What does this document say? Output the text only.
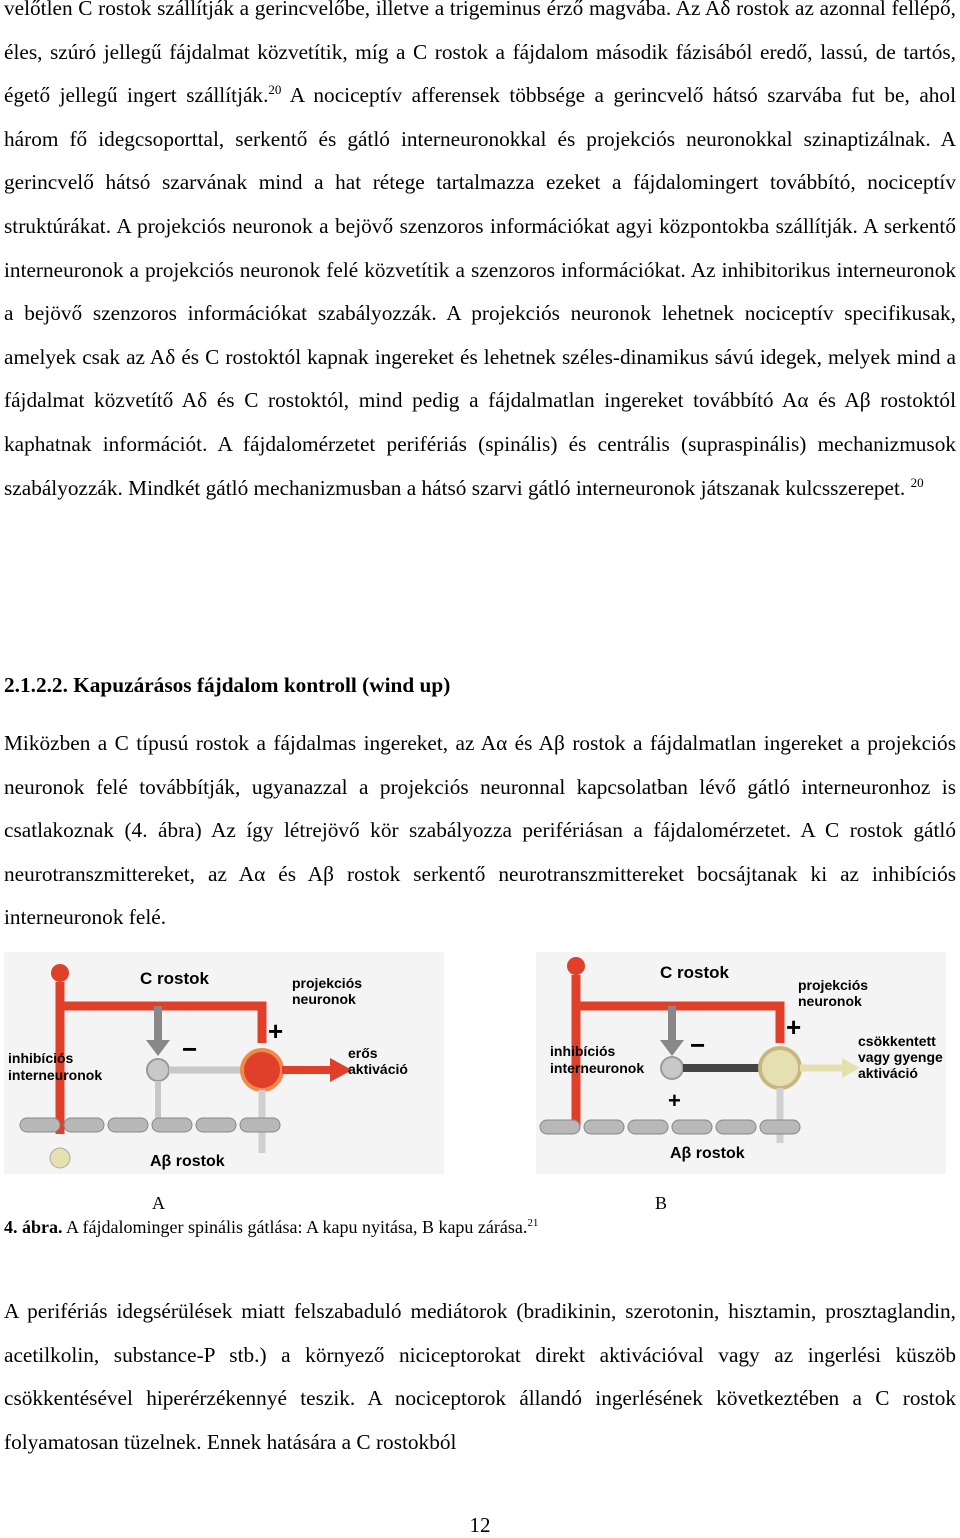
velőtlen C rostok szállítják a gerincvelőbe, illetve a trigeminus érző magvába. Az Aδ rostok az azonnal fellépő, éles, szúró jellegű fájdalmat közvetítik, míg a C rostok a fájdalom második fázisából eredő, lassú, de tartós, égető jellegű ingert szállítják.$^{20}$ A nociceptív afferensek többsége a gerincvelő hátsó szarvába fut be, ahol három fő idegcsoporttal, serkentő és gátló interneuronokkal és projekciós neuronokkal szinaptizálnak. A gerincvelő hátsó szarvának mind a hat rétege tartalmazza ezeket a fájdalomingert továbbító, nociceptív struktúrákat. A projekciós neuronok a bejövő szenzoros információkat agyi központokba szállítják. A serkentő interneuronok a projekciós neuronok felé közvetítik a szenzoros információkat. Az inhibitorikus interneuronok a bejövő szenzoros információkat szabályozzák. A projekciós neuronok lehetnek nociceptív specifikusak, amelyek csak az Aδ és C rostoktól kapnak ingereket és lehetnek széles-dinamikus sávú idegek, melyek mind a fájdalmat közvetítő Aδ és C rostoktól, mind pedig a fájdalmatlan ingereket továbbító Aα és Aβ rostoktól kaphatnak információt. A fájdalomérzetet perifériás (spinális) és centrális (supraspinális) mechanizmusok szabályozzák. Mindkét gátló mechanizmusban a hátsó szarvi gátló interneuronok játszanak kulcsszerepet. $^{20}$

2.1.2.2. Kapuzárásos fájdalom kontroll (wind up)

Miközben a C típusú rostok a fájdalmas ingereket, az Aα és Aβ rostok a fájdalmatlan ingereket a projekciós neuronok felé továbbítják, ugyanazzal a projekciós neuronnal kapcsolatban lévő gátló interneuronhoz is csatlakoznak (4. ábra) Az így létrejövő kör szabályozza perifériásan a fájdalomérzetet. A C rostok gátló neurotranszmittereket, az Aα és Aβ rostok serkentő neurotranszmittereket bocsájtanak ki az inhibíciós interneuronok felé.

C rostok	projekciós
neuronok
inhibíciós
interneuronok
erős
aktiváció
Aβ rostok
−
+
C rostok
projekciós
neuronok
inhibíciós
interneuronok
csökkentett
vagy gyenge
aktiváció
Aβ rostok
−
+
+
A	B
4. ábra. A fájdalominger spinális gátlása: A kapu nyitása, B kapu zárása.$^{21}$

A perifériás idegsérülések miatt felszabaduló mediátorok (bradikinin, szerotonin, hisztamin, prosztaglandin, acetilkolin, substance-P stb.) a környező niciceptorokat direkt aktivációval vagy az ingerlési küszöb csökkentésével hiperérzékennyé teszik. A nociceptorok állandó ingerlésének következtében a C rostok folyamatosan tüzelnek. Ennek hatására a C rostokból

12
